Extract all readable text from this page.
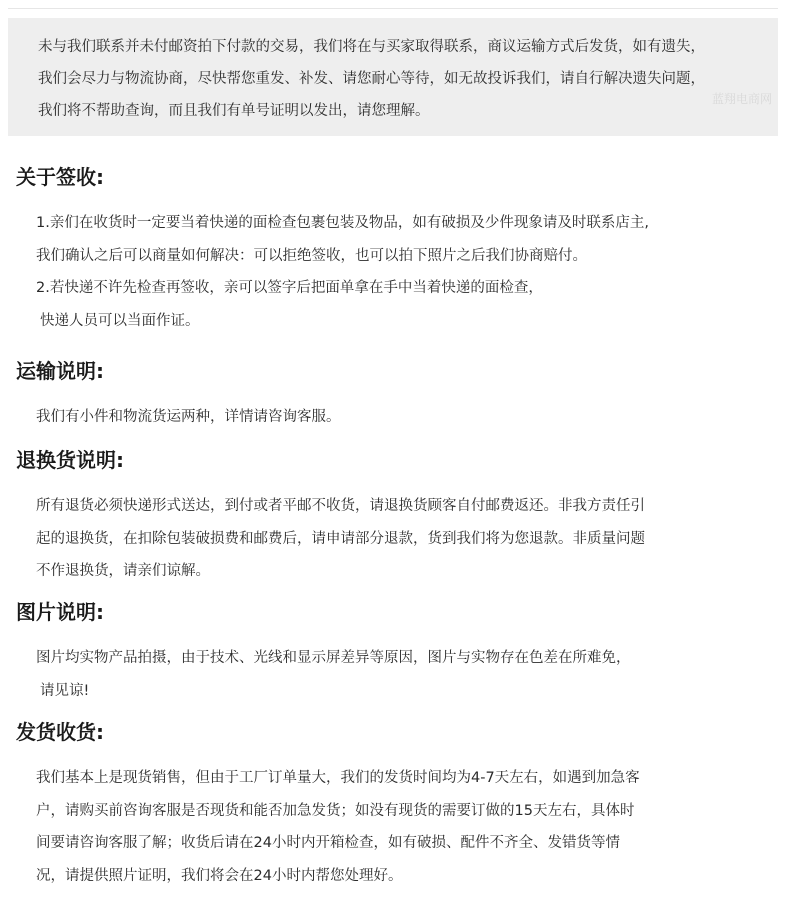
未与我们联系并未付邮资拍下付款的交易，我们将在与买家取得联系，商议运输方式后发货，如有遗失，
我们会尽力与物流协商，尽快帮您重发、补发、请您耐心等待，如无故投诉我们，请自行解决遗失问题，
我们将不帮助查询，而且我们有单号证明以发出，请您理解。
蓝翔电商网
关于签收:
1.亲们在收货时一定要当着快递的面检查包裹包装及物品，如有破损及少件现象请及时联系店主,
我们确认之后可以商量如何解决：可以拒绝签收，也可以拍下照片之后我们协商赔付。
2.若快递不许先检查再签收，亲可以签字后把面单拿在手中当着快递的面检查，
快递人员可以当面作证。
运输说明:
我们有小件和物流货运两种，详情请咨询客服。
退换货说明:
所有退货必须快递形式送达，到付或者平邮不收货，请退换货顾客自付邮费返还。非我方责任引
起的退换货，在扣除包装破损费和邮费后，请申请部分退款，货到我们将为您退款。非质量问题
不作退换货，请亲们谅解。
图片说明:
图片均实物产品拍摄，由于技术、光线和显示屏差异等原因，图片与实物存在色差在所难免，
请见谅!
发货收货:
我们基本上是现货销售，但由于工厂订单量大，我们的发货时间均为4-7天左右，如遇到加急客
户，请购买前咨询客服是否现货和能否加急发货；如没有现货的需要订做的15天左右，具体时
间要请咨询客服了解；收货后请在24小时内开箱检查，如有破损、配件不齐全、发错货等情
况，请提供照片证明，我们将会在24小时内帮您处理好。
